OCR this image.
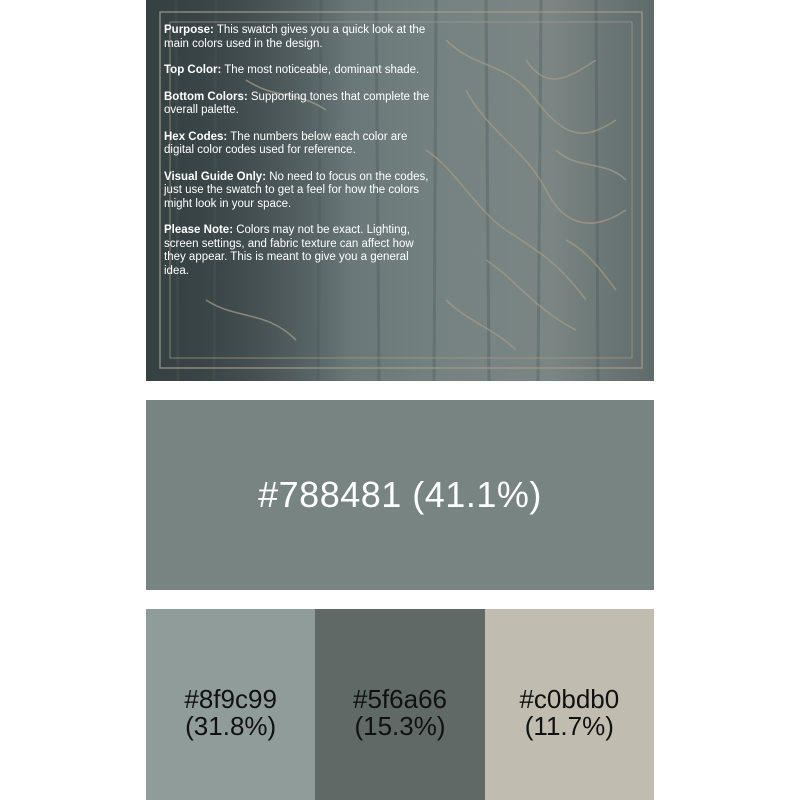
Purpose: This swatch gives you a quick look at the main colors used in the design.

Top Color: The most noticeable, dominant shade.

Bottom Colors: Supporting tones that complete the overall palette.

Hex Codes: The numbers below each color are digital color codes used for reference.

Visual Guide Only: No need to focus on the codes, just use the swatch to get a feel for how the colors might look in your space.

Please Note: Colors may not be exact. Lighting, screen settings, and fabric texture can affect how they appear. This is meant to give you a general idea.

#788481 (41.1%)
#8f9c99
(31.8%)
#5f6a66
(15.3%)
#c0bdb0
(11.7%)
